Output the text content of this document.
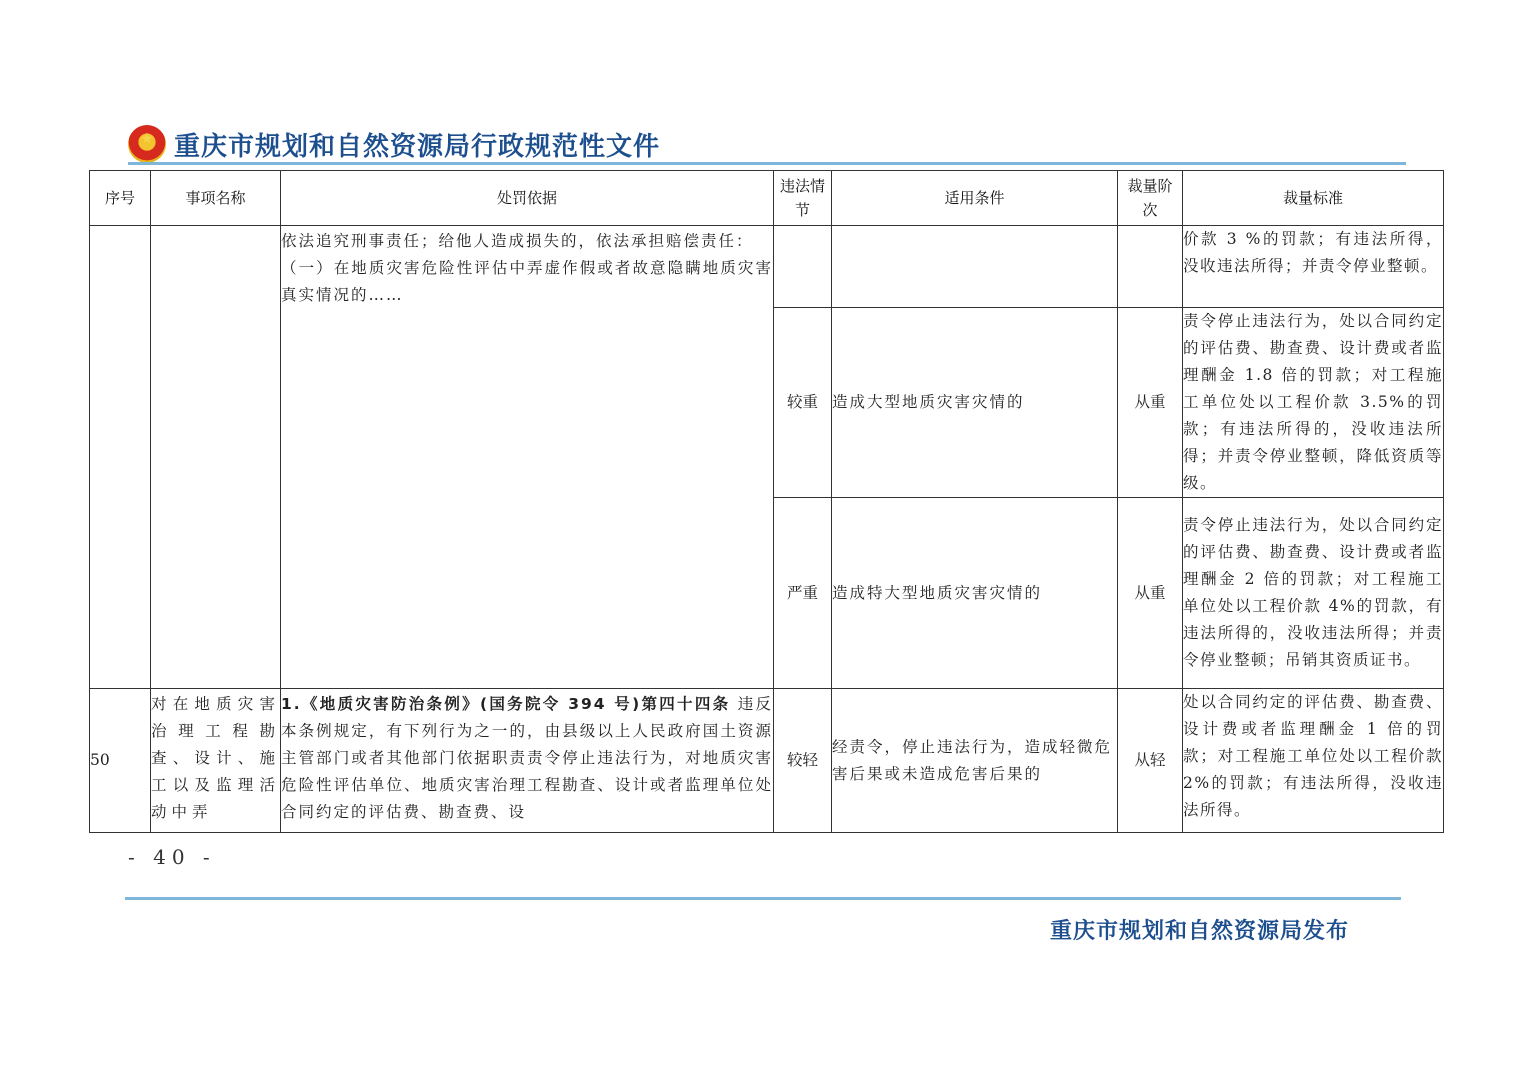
★
重庆市规划和自然资源局行政规范性文件
序号	事项名称	处罚依据	违法情节	适用条件	裁量阶次	裁量标准
		依法追究刑事责任；给他人造成损失的，依法承担赔偿责任：
（一）在地质灾害危险性评估中弄虚作假或者故意隐瞒地质灾害真实情况的……				价款 3 %的罚款；有违法所得，没收违法所得；并责令停业整顿。
			较重	造成大型地质灾害灾情的	从重	责令停止违法行为，处以合同约定的评估费、勘查费、设计费或者监理酬金 1.8 倍的罚款；对工程施工单位处以工程价款 3.5%的罚款；有违法所得的，没收违法所得；并责令停业整顿，降低资质等级。
			严重	造成特大型地质灾害灾情的	从重	责令停止违法行为，处以合同约定的评估费、勘查费、设计费或者监理酬金 2 倍的罚款；对工程施工单位处以工程价款 4%的罚款，有违法所得的，没收违法所得；并责令停业整顿；吊销其资质证书。
50	对在地质灾害治理工程勘查、设计、施工以及监理活动中弄	1.《地质灾害防治条例》(国务院令 394 号)第四十四条 违反本条例规定，有下列行为之一的，由县级以上人民政府国土资源主管部门或者其他部门依据职责责令停止违法行为，对地质灾害危险性评估单位、地质灾害治理工程勘查、设计或者监理单位处合同约定的评估费、勘查费、设	较轻	经责令，停止违法行为，造成轻微危害后果或未造成危害后果的	从轻	处以合同约定的评估费、勘查费、设计费或者监理酬金 1 倍的罚款；对工程施工单位处以工程价款 2%的罚款；有违法所得，没收违法所得。
- 40 -
重庆市规划和自然资源局发布
